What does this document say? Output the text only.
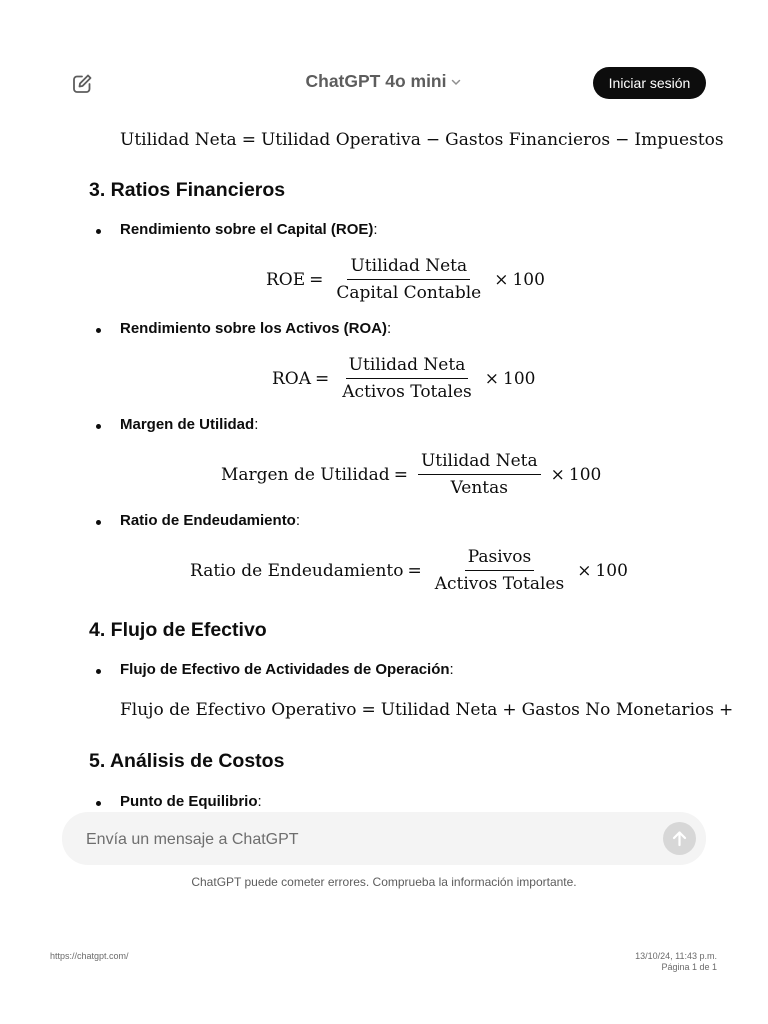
ChatGPT 4o mini	Iniciar sesión
Utilidad Neta = Utilidad Operativa − Gastos Financieros − Impuestos
3. Ratios Financieros
Rendimiento sobre el Capital (ROE):
ROE = $\frac{\text{Utilidad Neta}}{\text{Capital Contable}} \times 100$
Rendimiento sobre los Activos (ROA):
ROA = $\frac{\text{Utilidad Neta}}{\text{Activos Totales}} \times 100$
Margen de Utilidad:
Margen de Utilidad = $\frac{\text{Utilidad Neta}}{\text{Ventas}} \times 100$
Ratio de Endeudamiento:
Ratio de Endeudamiento = $\frac{\text{Pasivos}}{\text{Activos Totales}} \times 100$
4. Flujo de Efectivo
Flujo de Efectivo de Actividades de Operación:
Flujo de Efectivo Operativo = Utilidad Neta + Gastos No Monetarios +
5. Análisis de Costos
Punto de Equilibrio:
Envía un mensaje a ChatGPT
ChatGPT puede cometer errores. Comprueba la información importante.
https://chatgpt.com/	13/10/24, 11:43 p.m.
Página 1 de 1
